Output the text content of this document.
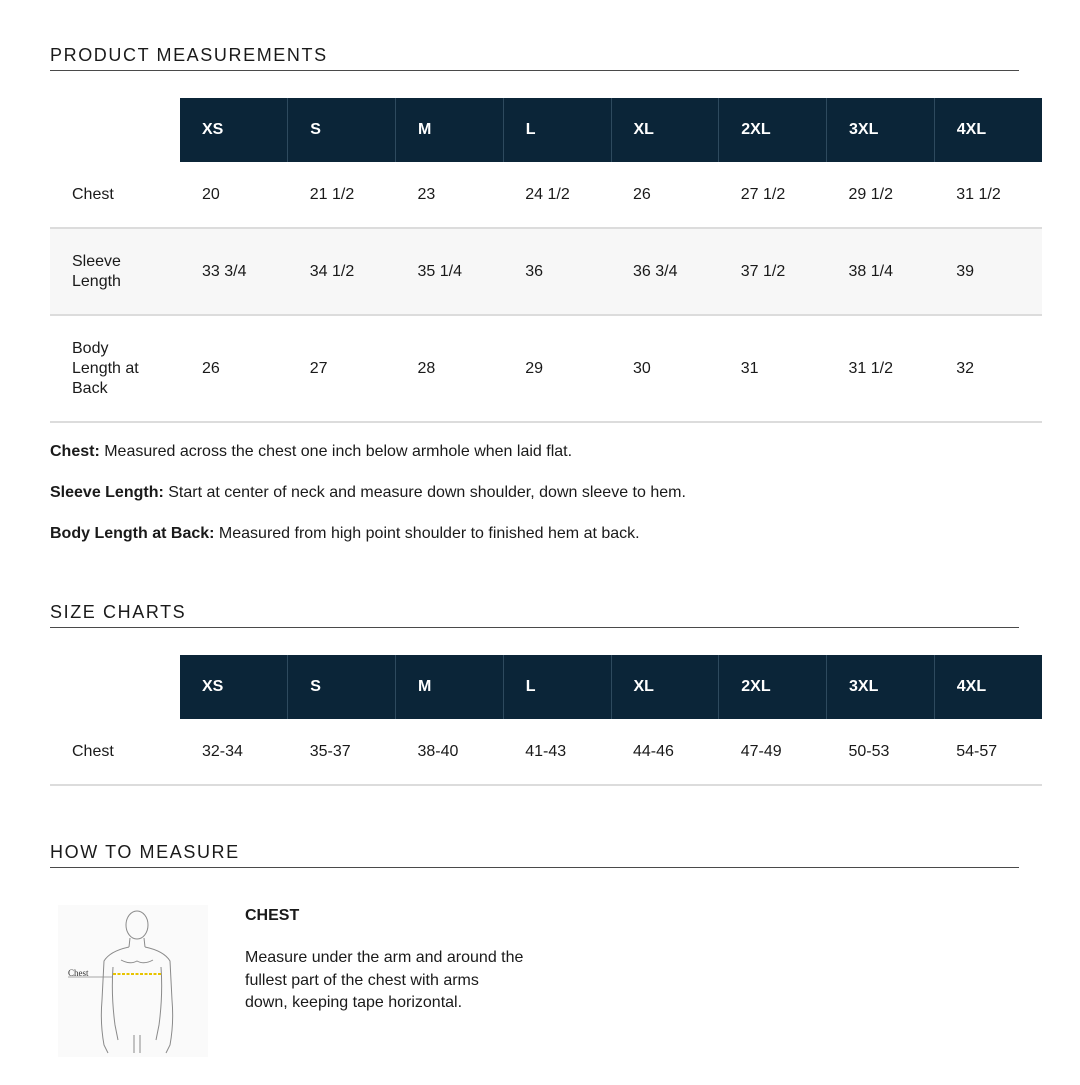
PRODUCT MEASUREMENTS
	XS	S	M	L	XL	2XL	3XL	4XL
Chest	20	21 1/2	23	24 1/2	26	27 1/2	29 1/2	31 1/2
Sleeve Length	33 3/4	34 1/2	35 1/4	36	36 3/4	37 1/2	38 1/4	39
Body Length at Back	26	27	28	29	30	31	31 1/2	32

Chest: Measured across the chest one inch below armhole when laid flat.

Sleeve Length: Start at center of neck and measure down shoulder, down sleeve to hem.

Body Length at Back: Measured from high point shoulder to finished hem at back.

SIZE CHARTS
	XS	S	M	L	XL	2XL	3XL	4XL
Chest	32-34	35-37	38-40	41-43	44-46	47-49	50-53	54-57
HOW TO MEASURE
Chest
CHEST
Measure under the arm and around the fullest part of the chest with arms down, keeping tape horizontal.
